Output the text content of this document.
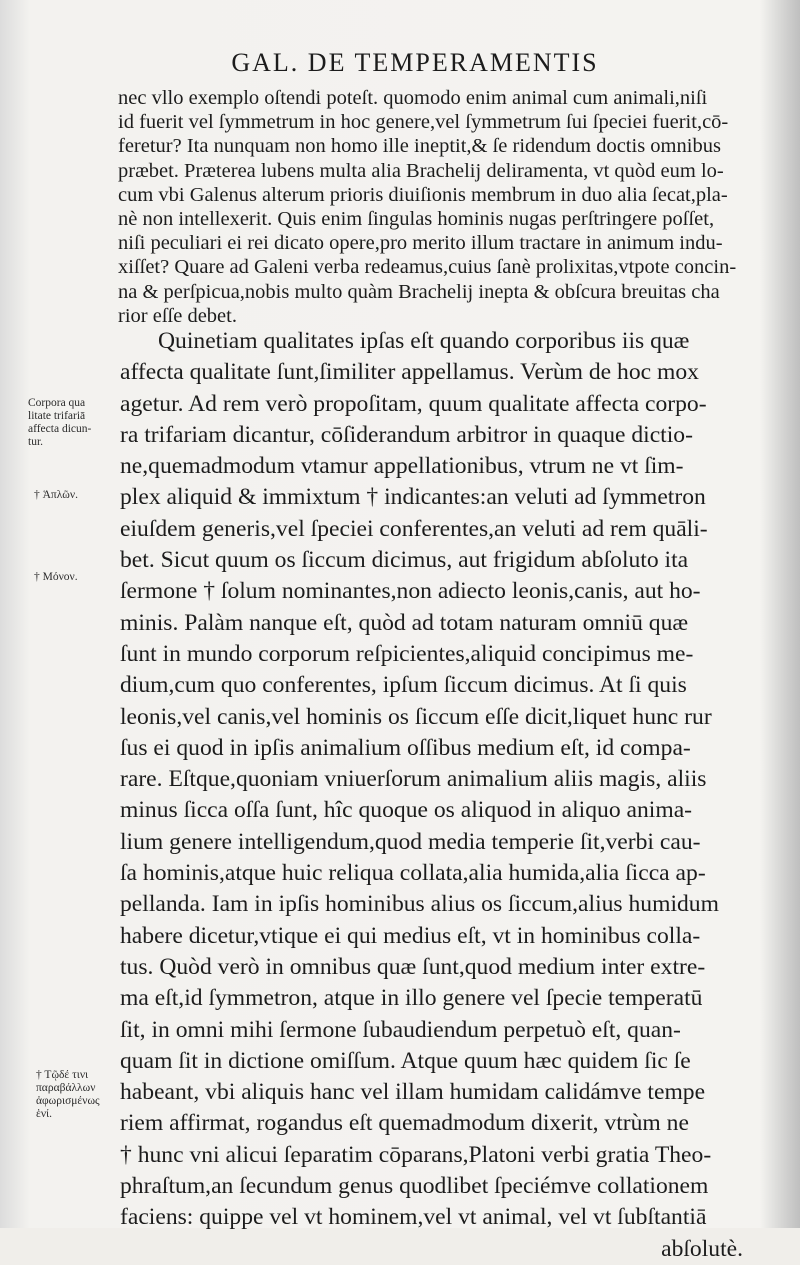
GAL. DE TEMPERAMENTIS
nec vllo exemplo oſtendi poteſt. quomodo enim animal cum animali,niſi
id fuerit vel ſymmetrum in hoc genere,vel ſymmetrum ſui ſpeciei fuerit,cō-
feretur? Ita nunquam non homo ille ineptit,& ſe ridendum doctis omnibus
præbet. Præterea lubens multa alia Brachelij deliramenta, vt quòd eum lo-
cum vbi Galenus alterum prioris diuiſionis membrum in duo alia ſecat,pla-
nè non intellexerit. Quis enim ſingulas hominis nugas perſtringere poſſet,
niſi peculiari ei rei dicato opere,pro merito illum tractare in animum indu-
xiſſet? Quare ad Galeni verba redeamus,cuius ſanè prolixitas,vtpote concin-
na & perſpicua,nobis multo quàm Brachelij inepta & obſcura breuitas cha
rior eſſe debet.
Quinetiam qualitates ipſas eſt quando corporibus iis quæ
affecta qualitate ſunt,ſimiliter appellamus. Verùm de hoc mox
agetur. Ad rem verò propoſitam, quum qualitate affecta corpo-
ra trifariam dicantur, cōſiderandum arbitror in quaque dictio-
ne,quemadmodum vtamur appellationibus, vtrum ne vt ſim-
plex aliquid & immixtum † indicantes:an veluti ad ſymmetron
eiuſdem generis,vel ſpeciei conferentes,an veluti ad rem quāli-
bet. Sicut quum os ſiccum dicimus, aut frigidum abſoluto ita
ſermone † ſolum nominantes,non adiecto leonis,canis, aut ho-
minis. Palàm nanque eſt, quòd ad totam naturam omniū quæ
ſunt in mundo corporum reſpicientes,aliquid concipimus me-
dium,cum quo conferentes, ipſum ſiccum dicimus. At ſi quis
leonis,vel canis,vel hominis os ſiccum eſſe dicit,liquet hunc rur
ſus ei quod in ipſis animalium oſſibus medium eſt, id compa-
rare. Eſtque,quoniam vniuerſorum animalium aliis magis, aliis
minus ſicca oſſa ſunt, hîc quoque os aliquod in aliquo anima-
lium genere intelligendum,quod media temperie ſit,verbi cau-
ſa hominis,atque huic reliqua collata,alia humida,alia ſicca ap-
pellanda. Iam in ipſis hominibus alius os ſiccum,alius humidum
habere dicetur,vtique ei qui medius eſt, vt in hominibus colla-
tus. Quòd verò in omnibus quæ ſunt,quod medium inter extre-
ma eſt,id ſymmetron, atque in illo genere vel ſpecie temperatū
ſit, in omni mihi ſermone ſubaudiendum perpetuò eſt, quan-
quam ſit in dictione omiſſum. Atque quum hæc quidem ſic ſe
habeant, vbi aliquis hanc vel illam humidam calidámve tempe
riem affirmat, rogandus eſt quemadmodum dixerit, vtrùm ne
† hunc vni alicui ſeparatim cōparans,Platoni verbi gratia Theo-
phraſtum,an ſecundum genus quodlibet ſpeciémve collationem
faciens: quippe vel vt hominem,vel vt animal, vel vt ſubſtantiā
abſolutè.
Corpora qua
litate trifariā
affecta dicun-
tur.
† Ἁπλῶν.
† Μόνον.
† Τῷδέ τινι
παραβάλλων
ἀφωρισμένως
ἑνί.
